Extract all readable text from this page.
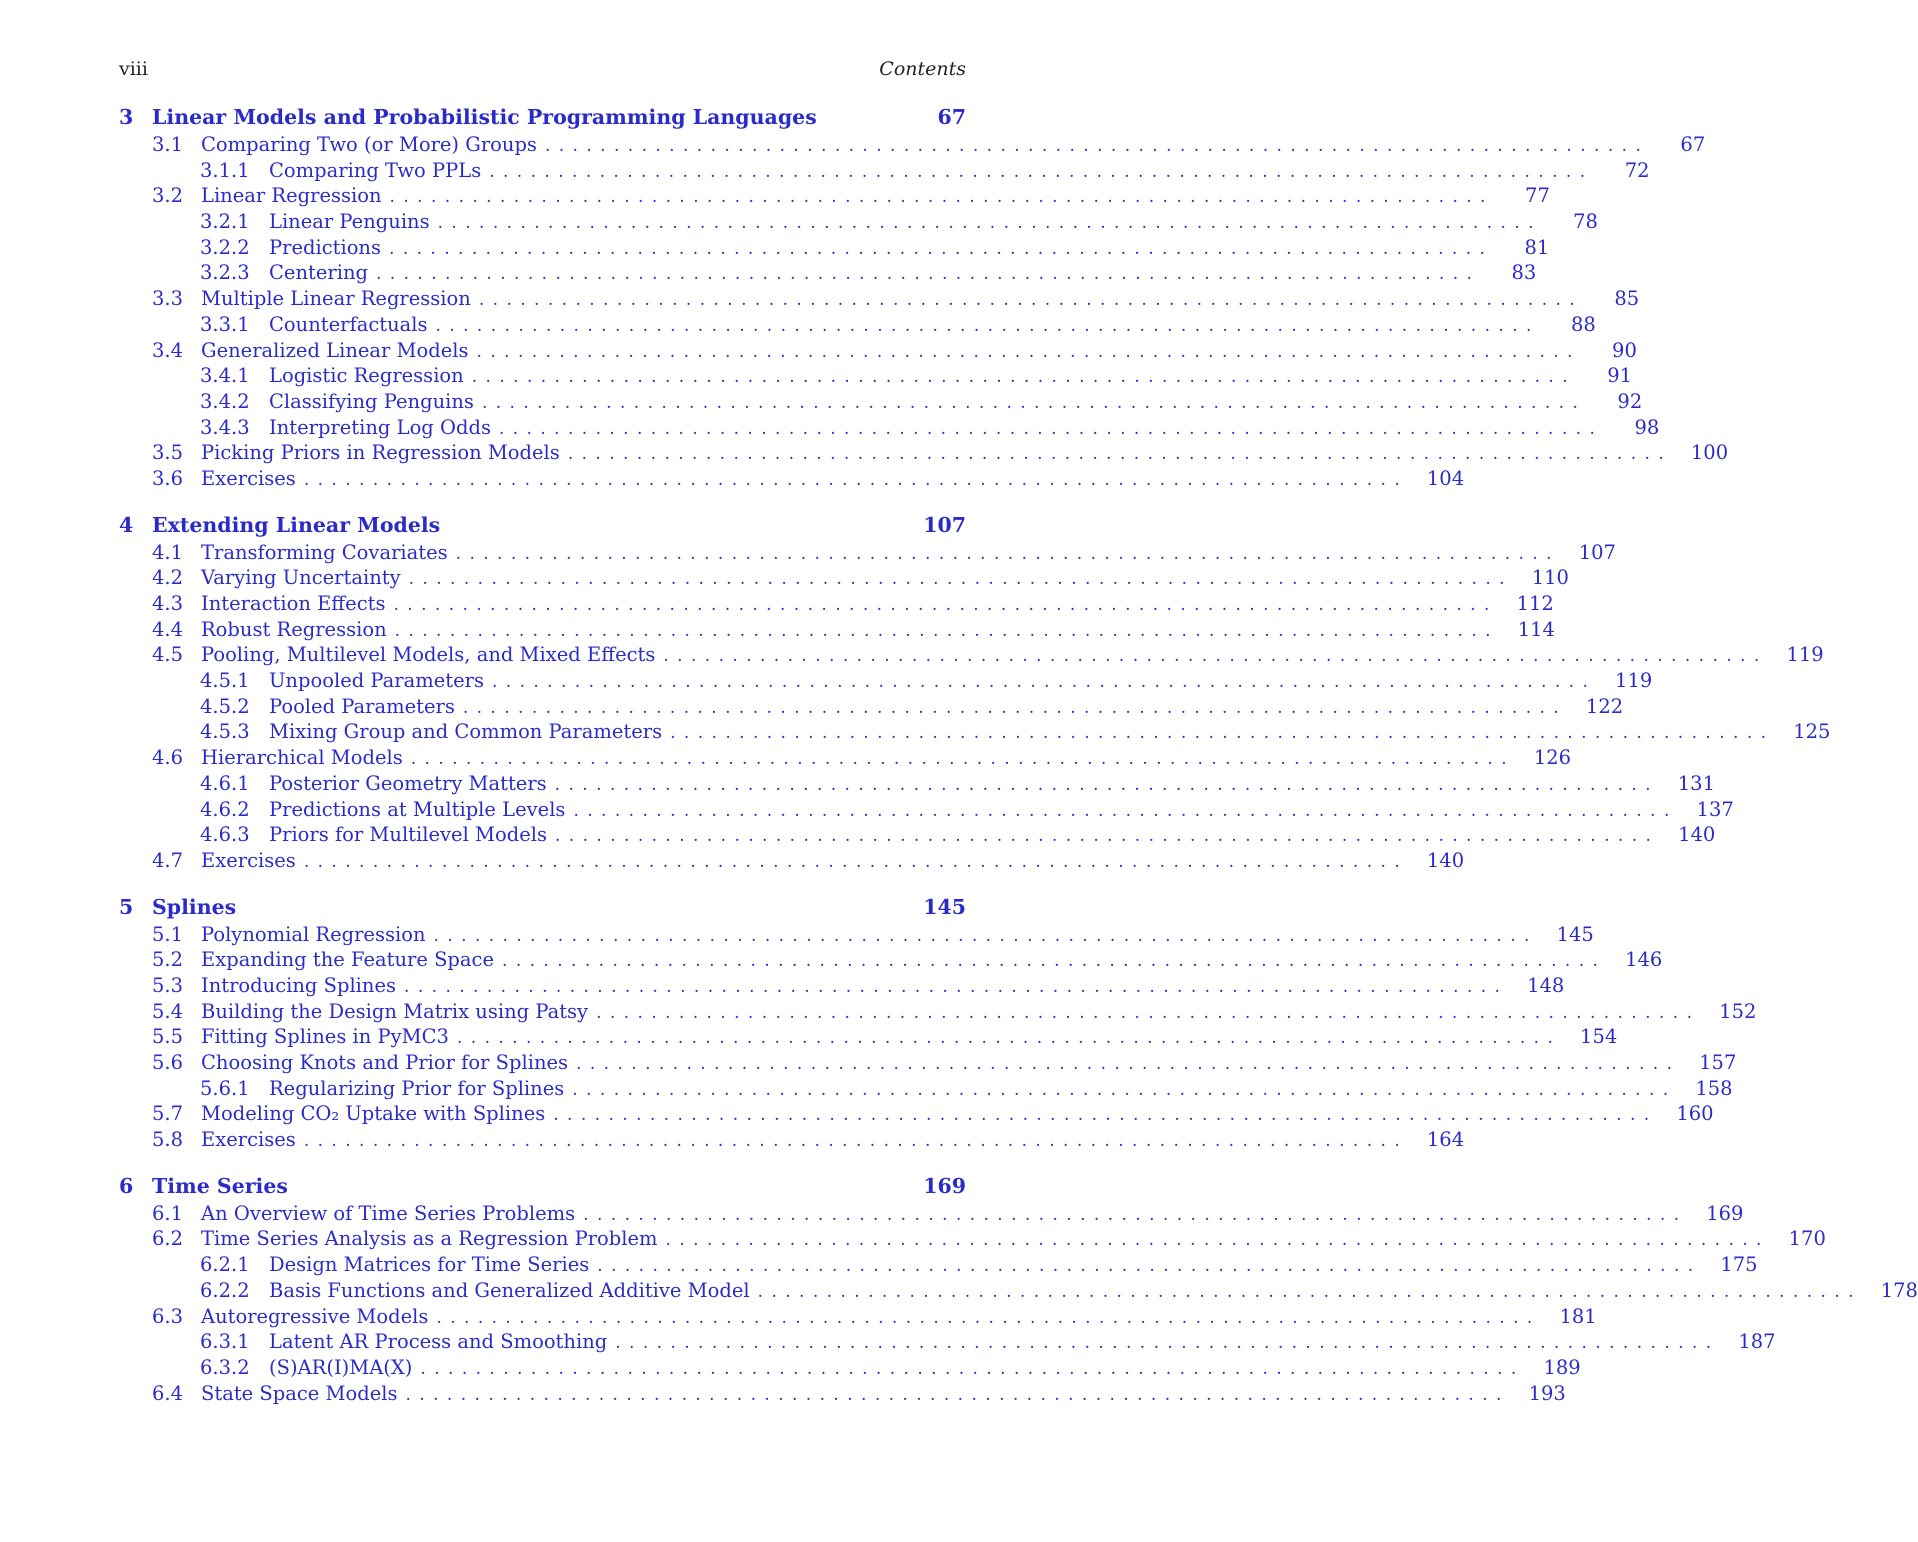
viii	Contents
3 Linear Models and Probabilistic Programming Languages	67
3.1 Comparing Two (or More) Groups ................................................................................	67
3.1.1 Comparing Two PPLs ................................................................................	72
3.2 Linear Regression ................................................................................	77
3.2.1 Linear Penguins ................................................................................	78
3.2.2 Predictions ................................................................................	81
3.2.3 Centering ................................................................................	83
3.3 Multiple Linear Regression ................................................................................	85
3.3.1 Counterfactuals ................................................................................	88
3.4 Generalized Linear Models ................................................................................	90
3.4.1 Logistic Regression ................................................................................	91
3.4.2 Classifying Penguins ................................................................................	92
3.4.3 Interpreting Log Odds ................................................................................	98
3.5 Picking Priors in Regression Models ................................................................................ 100
3.6 Exercises ................................................................................ 104
4 Extending Linear Models	107
4.1 Transforming Covariates ................................................................................ 107
4.2 Varying Uncertainty ................................................................................ 110
4.3 Interaction Effects ................................................................................ 112
4.4 Robust Regression ................................................................................ 114
4.5 Pooling, Multilevel Models, and Mixed Effects ................................................................................ 119
4.5.1 Unpooled Parameters ................................................................................ 119
4.5.2 Pooled Parameters ................................................................................ 122
4.5.3 Mixing Group and Common Parameters ................................................................................ 125
4.6 Hierarchical Models ................................................................................ 126
4.6.1 Posterior Geometry Matters ................................................................................ 131
4.6.2 Predictions at Multiple Levels ................................................................................ 137
4.6.3 Priors for Multilevel Models ................................................................................ 140
4.7 Exercises ................................................................................ 140
5 Splines	145
5.1 Polynomial Regression ................................................................................ 145
5.2 Expanding the Feature Space ................................................................................ 146
5.3 Introducing Splines ................................................................................ 148
5.4 Building the Design Matrix using Patsy ................................................................................ 152
5.5 Fitting Splines in PyMC3 ................................................................................ 154
5.6 Choosing Knots and Prior for Splines ................................................................................ 157
5.6.1 Regularizing Prior for Splines ................................................................................ 158
5.7 Modeling CO₂ Uptake with Splines ................................................................................ 160
5.8 Exercises ................................................................................ 164
6 Time Series	169
6.1 An Overview of Time Series Problems ................................................................................ 169
6.2 Time Series Analysis as a Regression Problem ................................................................................ 170
6.2.1 Design Matrices for Time Series ................................................................................ 175
6.2.2 Basis Functions and Generalized Additive Model ................................................................................ 178
6.3 Autoregressive Models ................................................................................ 181
6.3.1 Latent AR Process and Smoothing ................................................................................ 187
6.3.2 (S)AR(I)MA(X) ................................................................................ 189
6.4 State Space Models ................................................................................ 193
